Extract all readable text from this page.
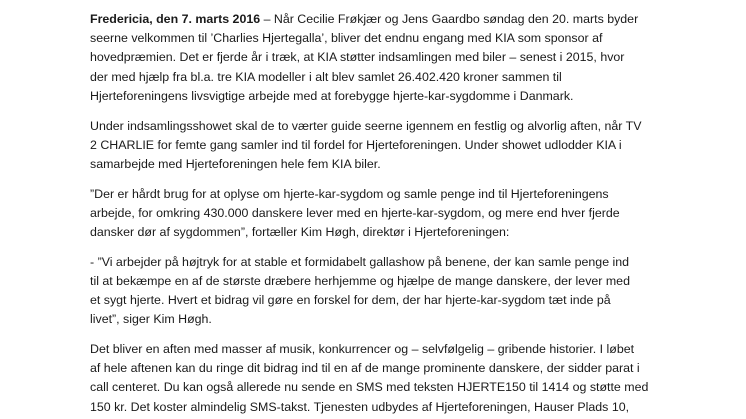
Fredericia, den 7. marts 2016 – Når Cecilie Frøkjær og Jens Gaardbo søndag den 20. marts byder
seerne velkommen til ’Charlies Hjertegalla’, bliver det endnu engang med KIA som sponsor af
hovedpræmien. Det er fjerde år i træk, at KIA støtter indsamlingen med biler – senest i 2015, hvor
der med hjælp fra bl.a. tre KIA modeller i alt blev samlet 26.402.420 kroner sammen til
Hjerteforeningens livsvigtige arbejde med at forebygge hjerte-kar-sygdomme i Danmark.
Under indsamlingsshowet skal de to værter guide seerne igennem en festlig og alvorlig aften, når TV
2 CHARLIE for femte gang samler ind til fordel for Hjerteforeningen. Under showet udlodder KIA i
samarbejde med Hjerteforeningen hele fem KIA biler.
”Der er hårdt brug for at oplyse om hjerte-kar-sygdom og samle penge ind til Hjerteforeningens
arbejde, for omkring 430.000 danskere lever med en hjerte-kar-sygdom, og mere end hver fjerde
dansker dør af sygdommen”, fortæller Kim Høgh, direktør i Hjerteforeningen:
- ”Vi arbejder på højtryk for at stable et formidabelt gallashow på benene, der kan samle penge ind
til at bekæmpe en af de største dræbere herhjemme og hjælpe de mange danskere, der lever med
et sygt hjerte. Hvert et bidrag vil gøre en forskel for dem, der har hjerte-kar-sygdom tæt inde på
livet”, siger Kim Høgh.
Det bliver en aften med masser af musik, konkurrencer og – selvfølgelig – gribende historier. I løbet
af hele aftenen kan du ringe dit bidrag ind til en af de mange prominente danskere, der sidder parat i
call centeret. Du kan også allerede nu sende en SMS med teksten HJERTE150 til 1414 og støtte med
150 kr. Det koster almindelig SMS-takst. Tjenesten udbydes af Hjerteforeningen, Hauser Plads 10,
